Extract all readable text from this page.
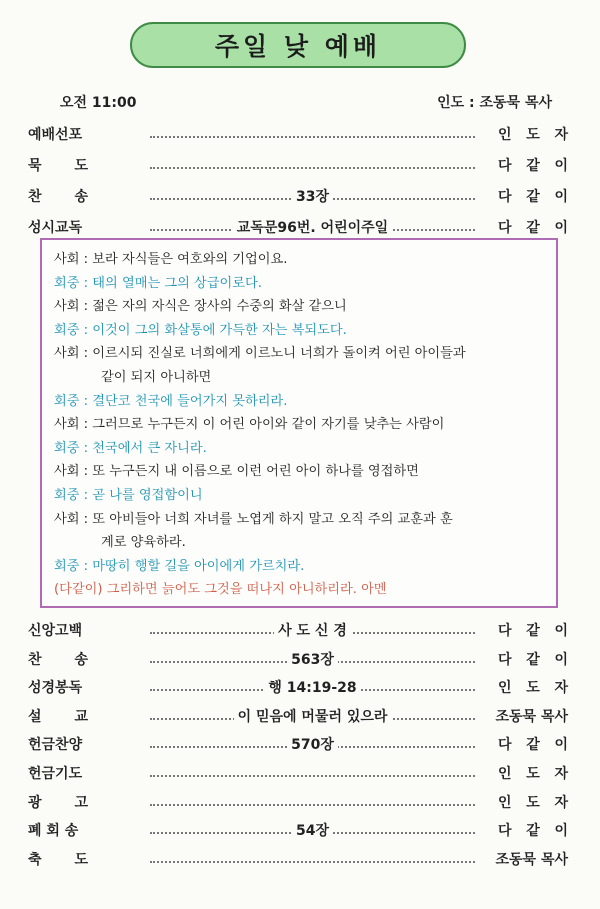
주일 낮 예배
오전 11:00	인도 : 조동묵 목사
예배선포	인 도 자
묵 도	다 같 이
찬 송	33장	다 같 이
성시교독	교독문96번. 어린이주일	다 같 이
사회 : 보라 자식들은 여호와의 기업이요.
회중 : 태의 열매는 그의 상급이로다.
사회 : 젊은 자의 자식은 장사의 수중의 화살 같으니
회중 : 이것이 그의 화살통에 가득한 자는 복되도다.
사회 : 이르시되 진실로 너희에게 이르노니 너희가 돌이켜 어린 아이들과
같이 되지 아니하면
회중 : 결단코 천국에 들어가지 못하리라.
사회 : 그러므로 누구든지 이 어린 아이와 같이 자기를 낮추는 사람이
회중 : 천국에서 큰 자니라.
사회 : 또 누구든지 내 이름으로 이런 어린 아이 하나를 영접하면
회중 : 곧 나를 영접함이니
사회 : 또 아비들아 너희 자녀를 노엽게 하지 말고 오직 주의 교훈과 훈
계로 양육하라.
회중 : 마땅히 행할 길을 아이에게 가르치라.
(다같이) 그리하면 늙어도 그것을 떠나지 아니하리라. 아멘
신앙고백	사 도 신 경	다 같 이
찬 송	563장	다 같 이
성경봉독	행 14:19-28	인 도 자
설 교	이 믿음에 머물러 있으라	조동묵 목사
헌금찬양	570장	다 같 이
헌금기도	인 도 자
광 고	인 도 자
폐 회 송	54장	다 같 이
축 도	조동묵 목사
